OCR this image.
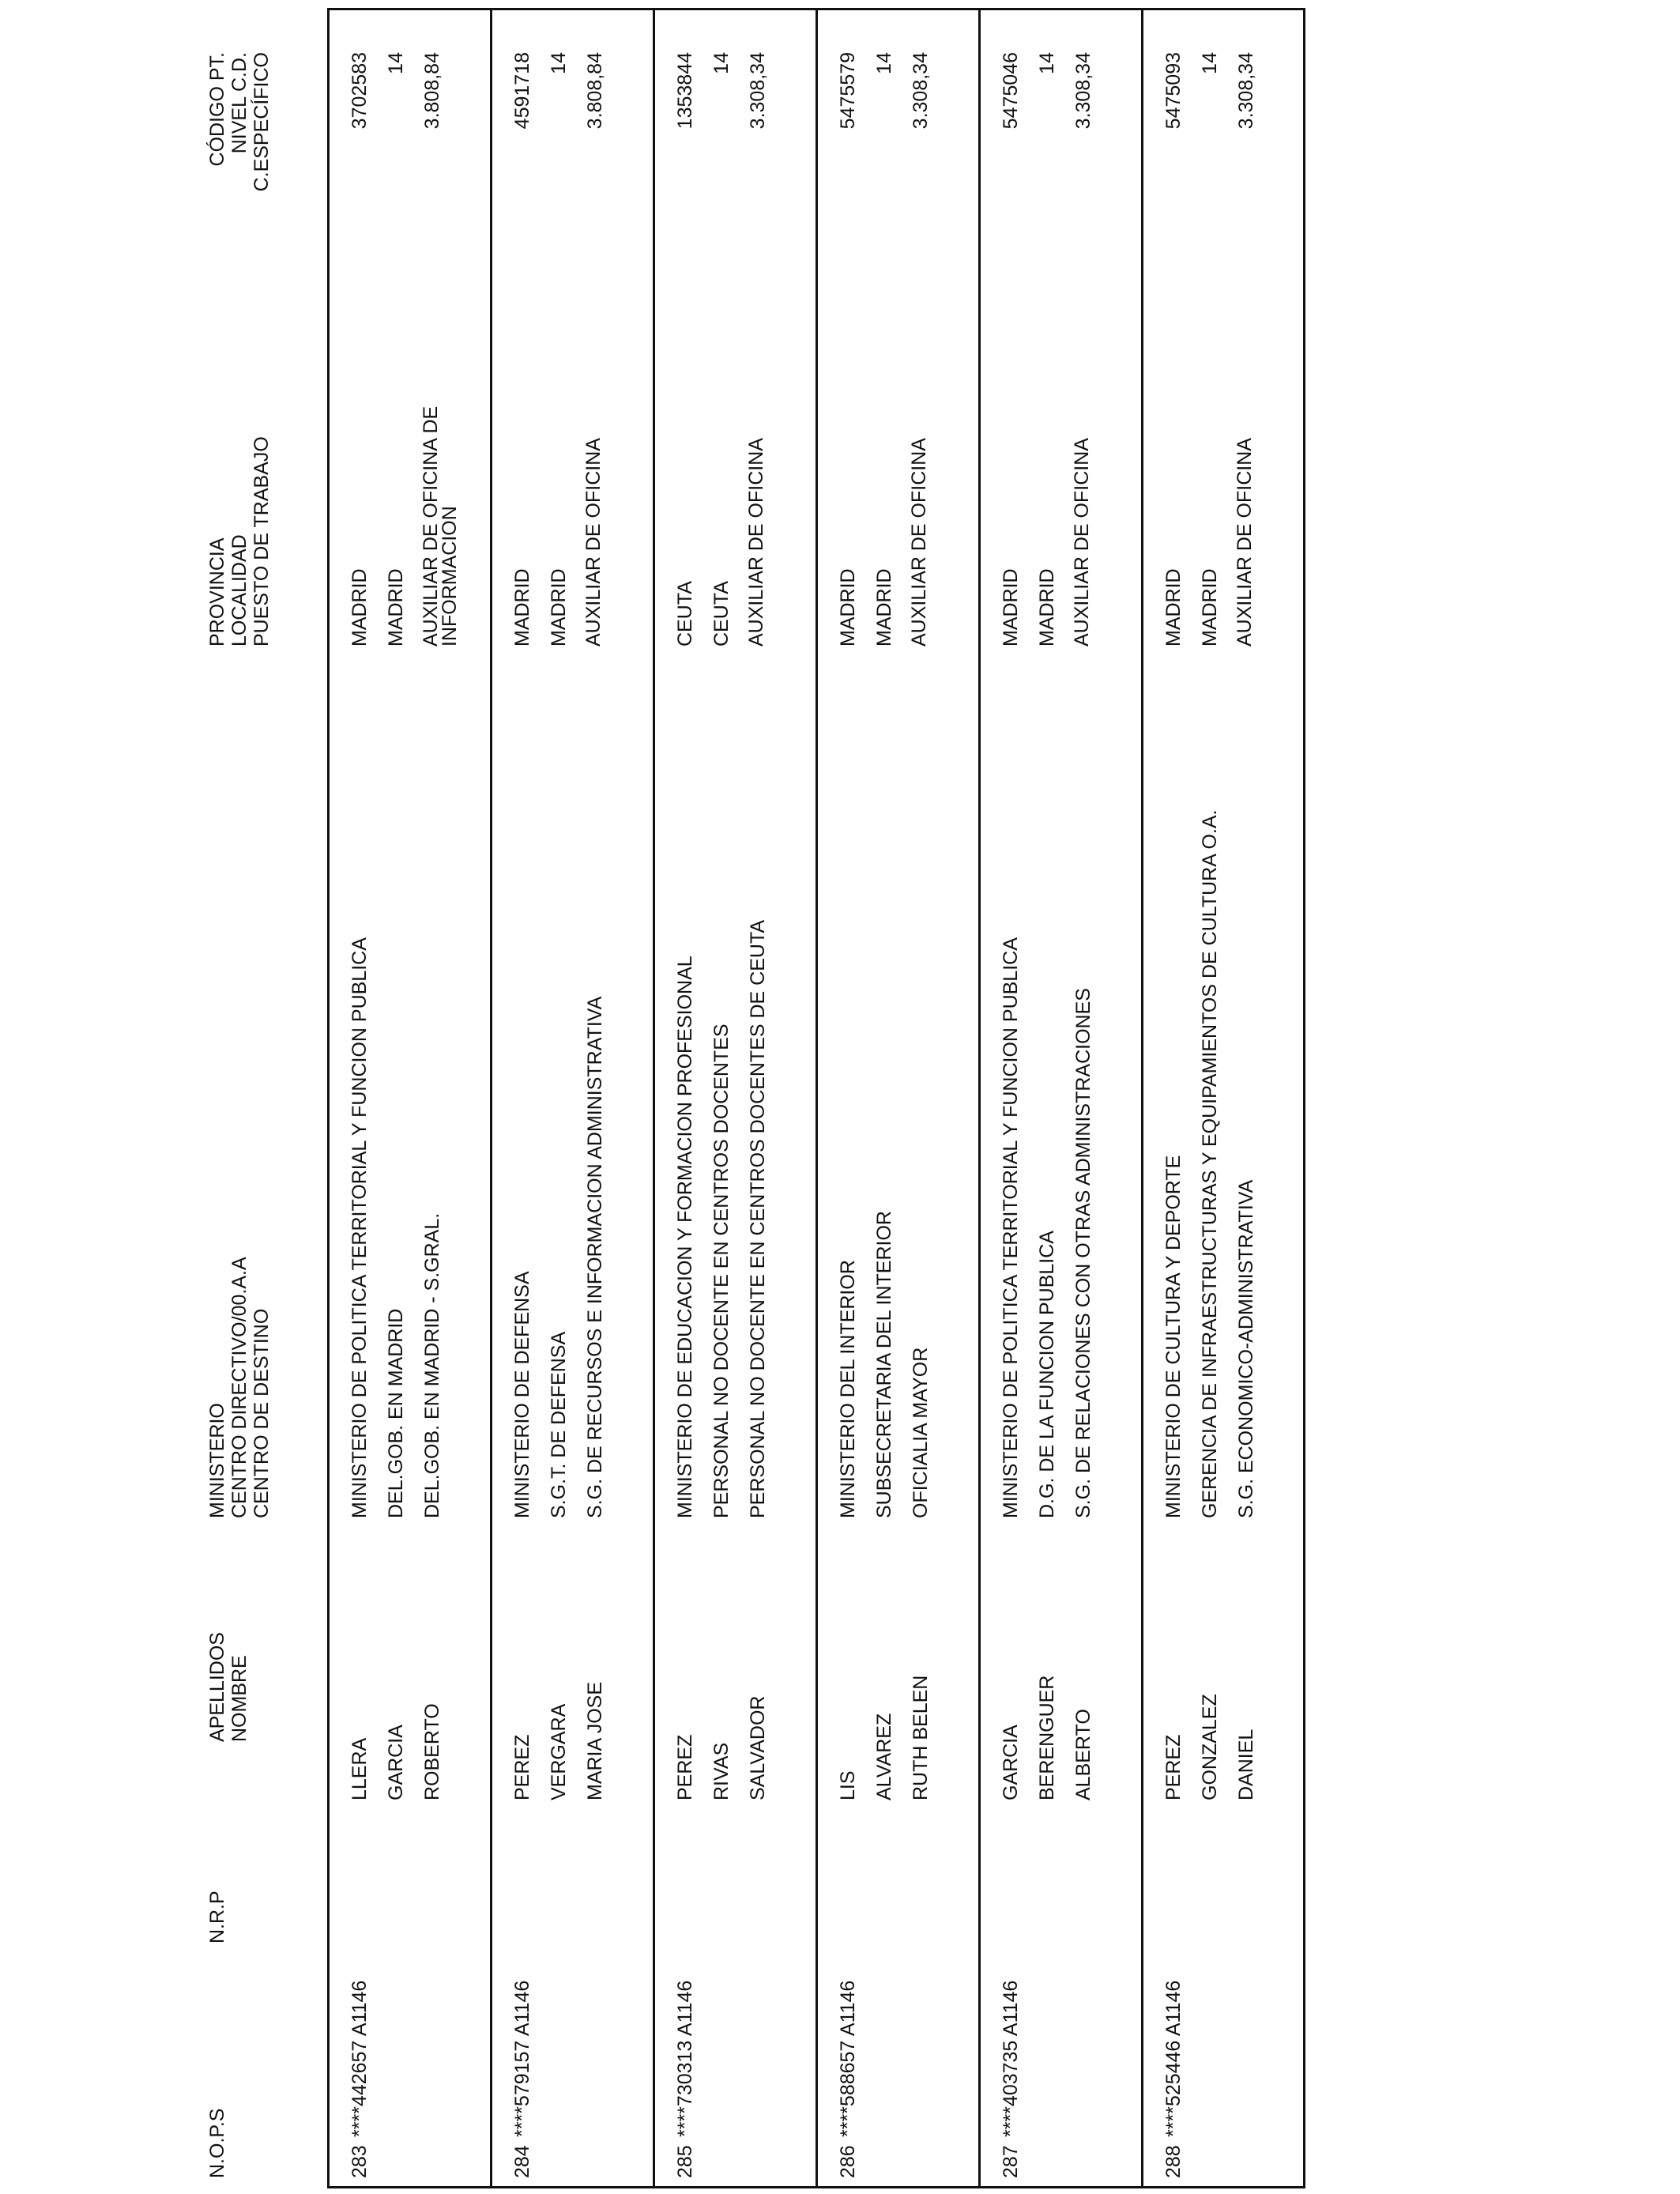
N.O.P.S
N.R.P
APELLIDOS
NOMBRE
MINISTERIO
CENTRO DIRECTIVO/00.A.A
CENTRO DE DESTINO
PROVINCIA
LOCALIDAD
PUESTO DE TRABAJO
CÓDIGO PT.
NIVEL C.D.
C.ESPECÍFICO
283
****442657 A1146
LLERA GARCIA ROBERTO
MINISTERIO DE POLITICA TERRITORIAL Y FUNCION PUBLICA DEL.GOB. EN MADRID DEL.GOB. EN MADRID - S.GRAL.
MADRID MADRID AUXILIAR DE OFICINA DE
INFORMACION
3702583 14 3.808,84
284
****579157 A1146
PEREZ VERGARA MARIA JOSE
MINISTERIO DE DEFENSA S.G.T. DE DEFENSA S.G. DE RECURSOS E INFORMACION ADMINISTRATIVA
MADRID MADRID AUXILIAR DE OFICINA
4591718 14 3.808,84
285
****730313 A1146
PEREZ RIVAS SALVADOR
MINISTERIO DE EDUCACION Y FORMACION PROFESIONAL PERSONAL NO DOCENTE EN CENTROS DOCENTES PERSONAL NO DOCENTE EN CENTROS DOCENTES DE CEUTA
CEUTA CEUTA AUXILIAR DE OFICINA
1353844 14 3.308,34
286
****588657 A1146
LIS ALVAREZ RUTH BELEN
MINISTERIO DEL INTERIOR SUBSECRETARIA DEL INTERIOR OFICIALIA MAYOR
MADRID MADRID AUXILIAR DE OFICINA
5475579 14 3.308,34
287
****403735 A1146
GARCIA BERENGUER ALBERTO
MINISTERIO DE POLITICA TERRITORIAL Y FUNCION PUBLICA D.G. DE LA FUNCION PUBLICA S.G. DE RELACIONES CON OTRAS ADMINISTRACIONES
MADRID MADRID AUXILIAR DE OFICINA
5475046 14 3.308,34
288
****525446 A1146
PEREZ GONZALEZ DANIEL
MINISTERIO DE CULTURA Y DEPORTE GERENCIA DE INFRAESTRUCTURAS Y EQUIPAMIENTOS DE CULTURA O.A. S.G. ECONOMICO-ADMINISTRATIVA
MADRID MADRID AUXILIAR DE OFICINA
5475093 14 3.308,34
